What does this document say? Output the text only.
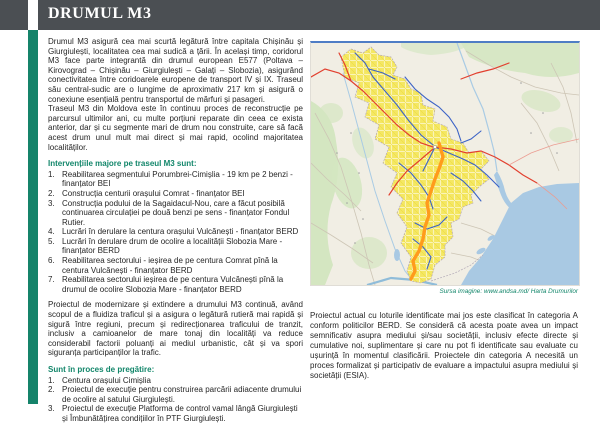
DRUMUL M3

Drumul M3 asigură cea mai scurtă legătură între capitala Chișinău și Giurgiulești, localitatea cea mai sudică a țării. În același timp, coridorul M3 face parte integrantă din drumul european E577 (Poltava – Kirovograd – Chișinău – Giurgiulești – Galați – Slobozia), asigurând conectivitatea între coridoarele europene de transport IV și IX. Traseul său central-sudic are o lungime de aproximativ 217 km și asigură o conexiune esențială pentru transportul de mărfuri și pasageri.

Traseul M3 din Moldova este în continuu proces de reconstrucție pe parcursul ultimilor ani, cu multe porțiuni reparate din ceea ce exista anterior, dar și cu segmente mari de drum nou construite, care să facă acest drum unul mult mai direct și mai rapid, ocolind majoritatea localităților.

Intervențiile majore pe traseul M3 sunt:
1. Reabilitarea segmentului Porumbrei-Cimișlia - 19 km pe 2 benzi - finanțator BEI
2. Construcția centurii orașului Comrat - finanțator BEI
3. Construcția podului de la Sagaidacul-Nou, care a făcut posibilă continuarea circulației pe două benzi pe sens - finanțator Fondul Rutier.
4. Lucrări în derulare la centura orașului Vulcănești - finanțator BERD
5. Lucrări în derulare drum de ocolire a localității Slobozia Mare - finanțator BERD
6. Reabilitarea sectorului - ieșirea de pe centura Comrat pînă la centura Vulcănești - finanțator BERD
7. Reabilitarea sectorului ieșirea de pe centura Vulcănești pînă la drumul de ocolire Slobozia Mare - finanțator BERD

Proiectul de modernizare și extindere a drumului M3 continuă, având scopul de a fluidiza traficul și a asigura o legătură rutieră mai rapidă și sigură între regiuni, precum și redirecționarea traficului de tranzit, inclusiv a camioanelor de mare tonaj din localități va reduce considerabil factorii poluanți ai mediul urbanistic, cât și va spori siguranța participanților la trafic.

Sunt în proces de pregătire:
1. Centura orașului Cimișlia
2. Proiectul de execuție pentru construirea parcării adiacente drumului de ocolire al satului Giurgiulești.
3. Proiectul de execuție Platforma de control vamal lângă Giurgiulești și Îmbunătățirea condițiilor în PTF Giurgiulești.
Sursa imagine: www.andsa.md/ Harta Drumurilor

Proiectul actual cu loturile identificate mai jos este clasificat în categoria A conform politicilor BERD. Se consideră că acesta poate avea un impact semnificativ asupra mediului și/sau societății, inclusiv efecte directe și cumulative noi, suplimentare și care nu pot fi identificate sau evaluate cu ușurință în momentul clasificării. Proiectele din categoria A necesită un proces formalizat și participativ de evaluare a impactului asupra mediului și societății (ESIA).
